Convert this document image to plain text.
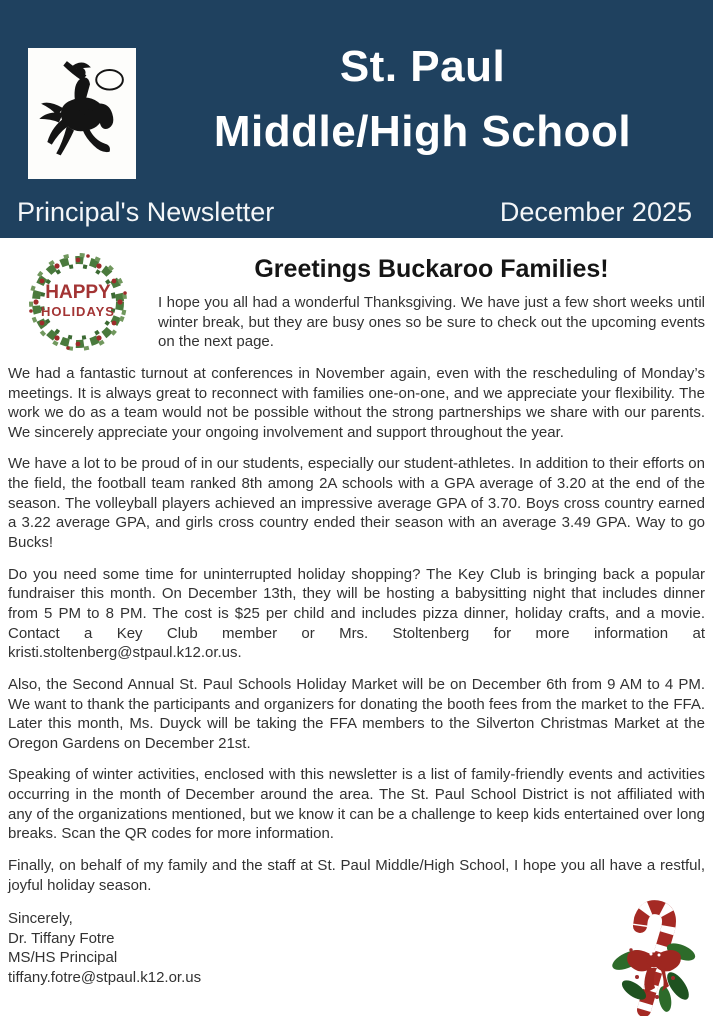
St. Paul
Middle/High School
Principal's Newsletter	December 2025
HAPPY
HOLIDAYS
Greetings Buckaroo Families!

I hope you all had a wonderful Thanksgiving. We have just a few short weeks until winter break, but they are busy ones so be sure to check out the upcoming events on the next page.

We had a fantastic turnout at conferences in November again, even with the rescheduling of Monday’s meetings. It is always great to reconnect with families one-on-one, and we appreciate your flexibility. The work we do as a team would not be possible without the strong partnerships we share with our parents. We sincerely appreciate your ongoing involvement and support throughout the year.

We have a lot to be proud of in our students, especially our student-athletes. In addition to their efforts on the field, the football team ranked 8th among 2A schools with a GPA average of 3.20 at the end of the season. The volleyball players achieved an impressive average GPA of 3.70. Boys cross country earned a 3.22 average GPA, and girls cross country ended their season with an average 3.49 GPA. Way to go Bucks!

Do you need some time for uninterrupted holiday shopping? The Key Club is bringing back a popular fundraiser this month. On December 13th, they will be hosting a babysitting night that includes dinner from 5 PM to 8 PM. The cost is $25 per child and includes pizza dinner, holiday crafts, and a movie. Contact a Key Club member or Mrs. Stoltenberg for more information at kristi.stoltenberg@stpaul.k12.or.us.

Also, the Second Annual St. Paul Schools Holiday Market will be on December 6th from 9 AM to 4 PM. We want to thank the participants and organizers for donating the booth fees from the market to the FFA. Later this month, Ms. Duyck will be taking the FFA members to the Silverton Christmas Market at the Oregon Gardens on December 21st.

Speaking of winter activities, enclosed with this newsletter is a list of family-friendly events and activities occurring in the month of December around the area. The St. Paul School District is not affiliated with any of the organizations mentioned, but we know it can be a challenge to keep kids entertained over long breaks. Scan the QR codes for more information.

Finally, on behalf of my family and the staff at St. Paul Middle/High School, I hope you all have a restful, joyful holiday season.

Sincerely,
Dr. Tiffany Fotre
MS/HS Principal
tiffany.fotre@stpaul.k12.or.us
